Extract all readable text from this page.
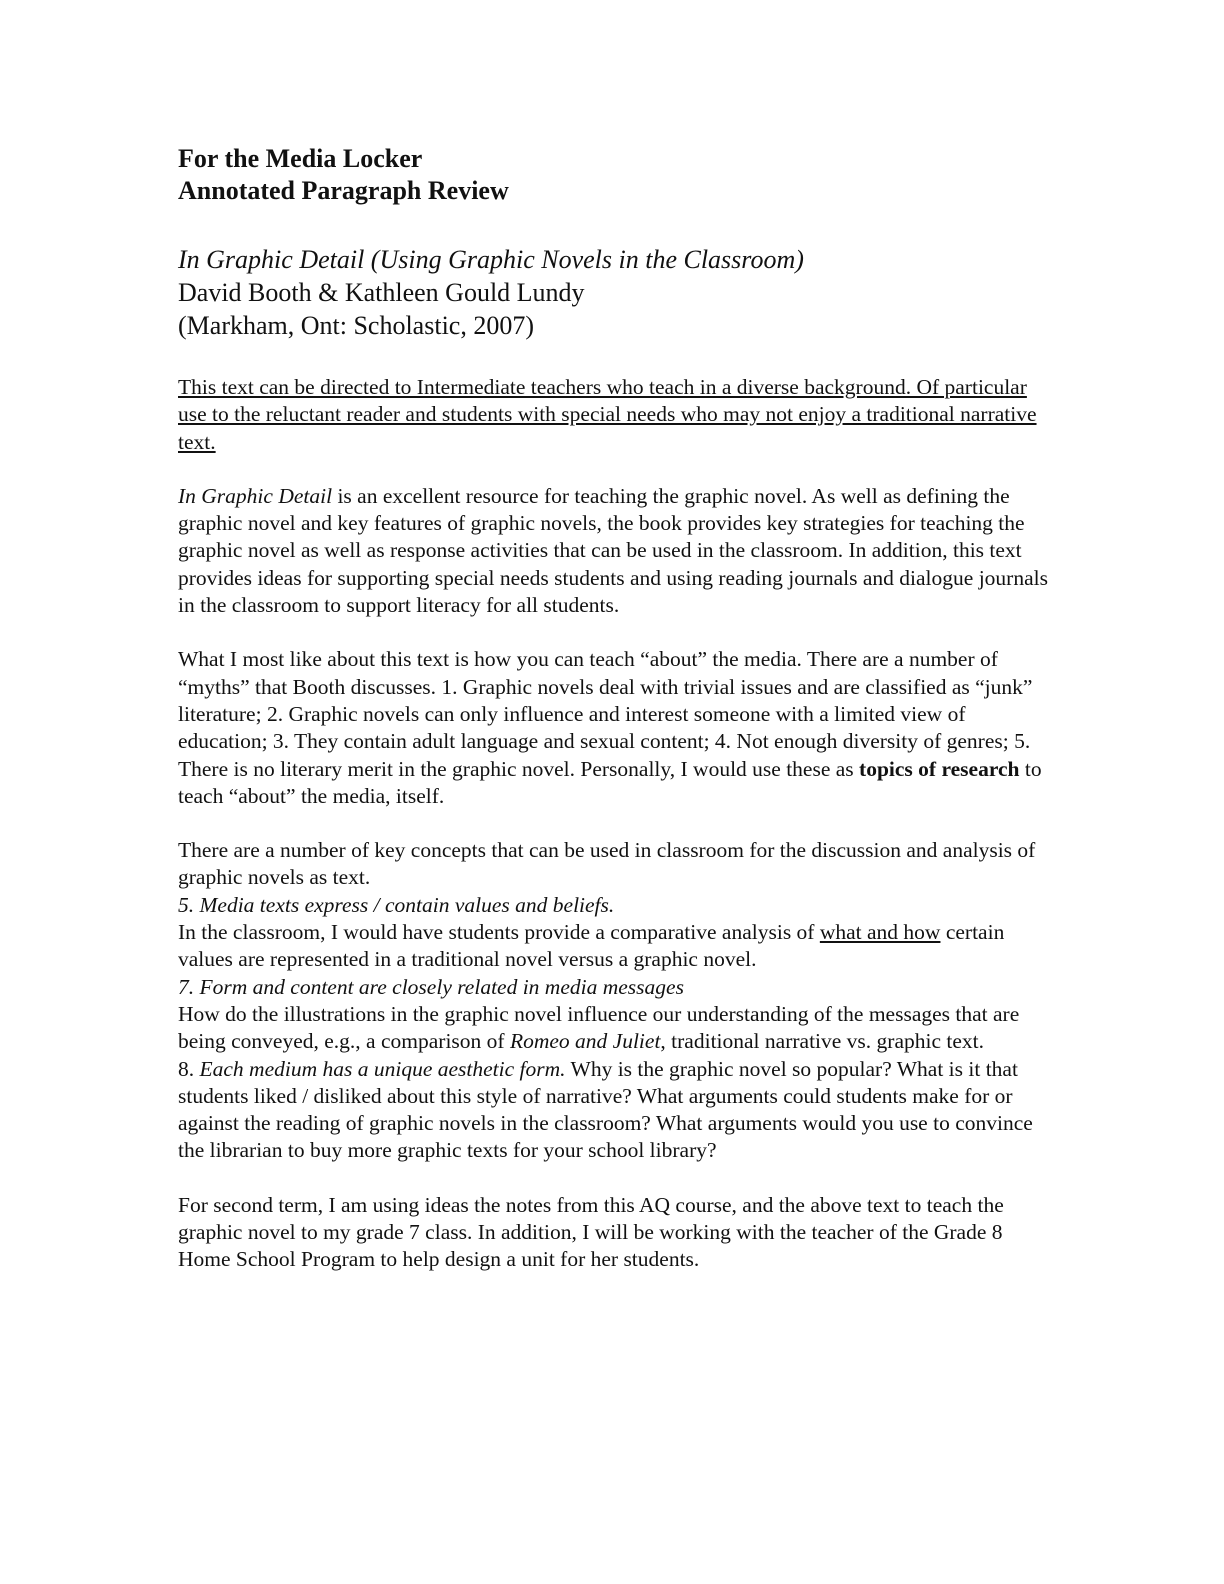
For the Media Locker

Annotated Paragraph Review

In Graphic Detail (Using Graphic Novels in the Classroom)
David Booth & Kathleen Gould Lundy
(Markham, Ont: Scholastic, 2007)

This text can be directed to Intermediate teachers who teach in a diverse background. Of particular use to the reluctant reader and students with special needs who may not enjoy a traditional narrative text.

In Graphic Detail is an excellent resource for teaching the graphic novel. As well as defining the graphic novel and key features of graphic novels, the book provides key strategies for teaching the graphic novel as well as response activities that can be used in the classroom. In addition, this text provides ideas for supporting special needs students and using reading journals and dialogue journals in the classroom to support literacy for all students.

What I most like about this text is how you can teach “about” the media. There are a number of “myths” that Booth discusses. 1. Graphic novels deal with trivial issues and are classified as “junk” literature; 2. Graphic novels can only influence and interest someone with a limited view of education; 3. They contain adult language and sexual content; 4. Not enough diversity of genres; 5. There is no literary merit in the graphic novel. Personally, I would use these as topics of research to teach “about” the media, itself.

There are a number of key concepts that can be used in classroom for the discussion and analysis of graphic novels as text.

5. Media texts express / contain values and beliefs.

In the classroom, I would have students provide a comparative analysis of what and how certain values are represented in a traditional novel versus a graphic novel.

7. Form and content are closely related in media messages

How do the illustrations in the graphic novel influence our understanding of the messages that are being conveyed, e.g., a comparison of Romeo and Juliet, traditional narrative vs. graphic text.

8. Each medium has a unique aesthetic form. Why is the graphic novel so popular? What is it that students liked / disliked about this style of narrative? What arguments could students make for or against the reading of graphic novels in the classroom? What arguments would you use to convince the librarian to buy more graphic texts for your school library?

For second term, I am using ideas the notes from this AQ course, and the above text to teach the graphic novel to my grade 7 class. In addition, I will be working with the teacher of the Grade 8 Home School Program to help design a unit for her students.
